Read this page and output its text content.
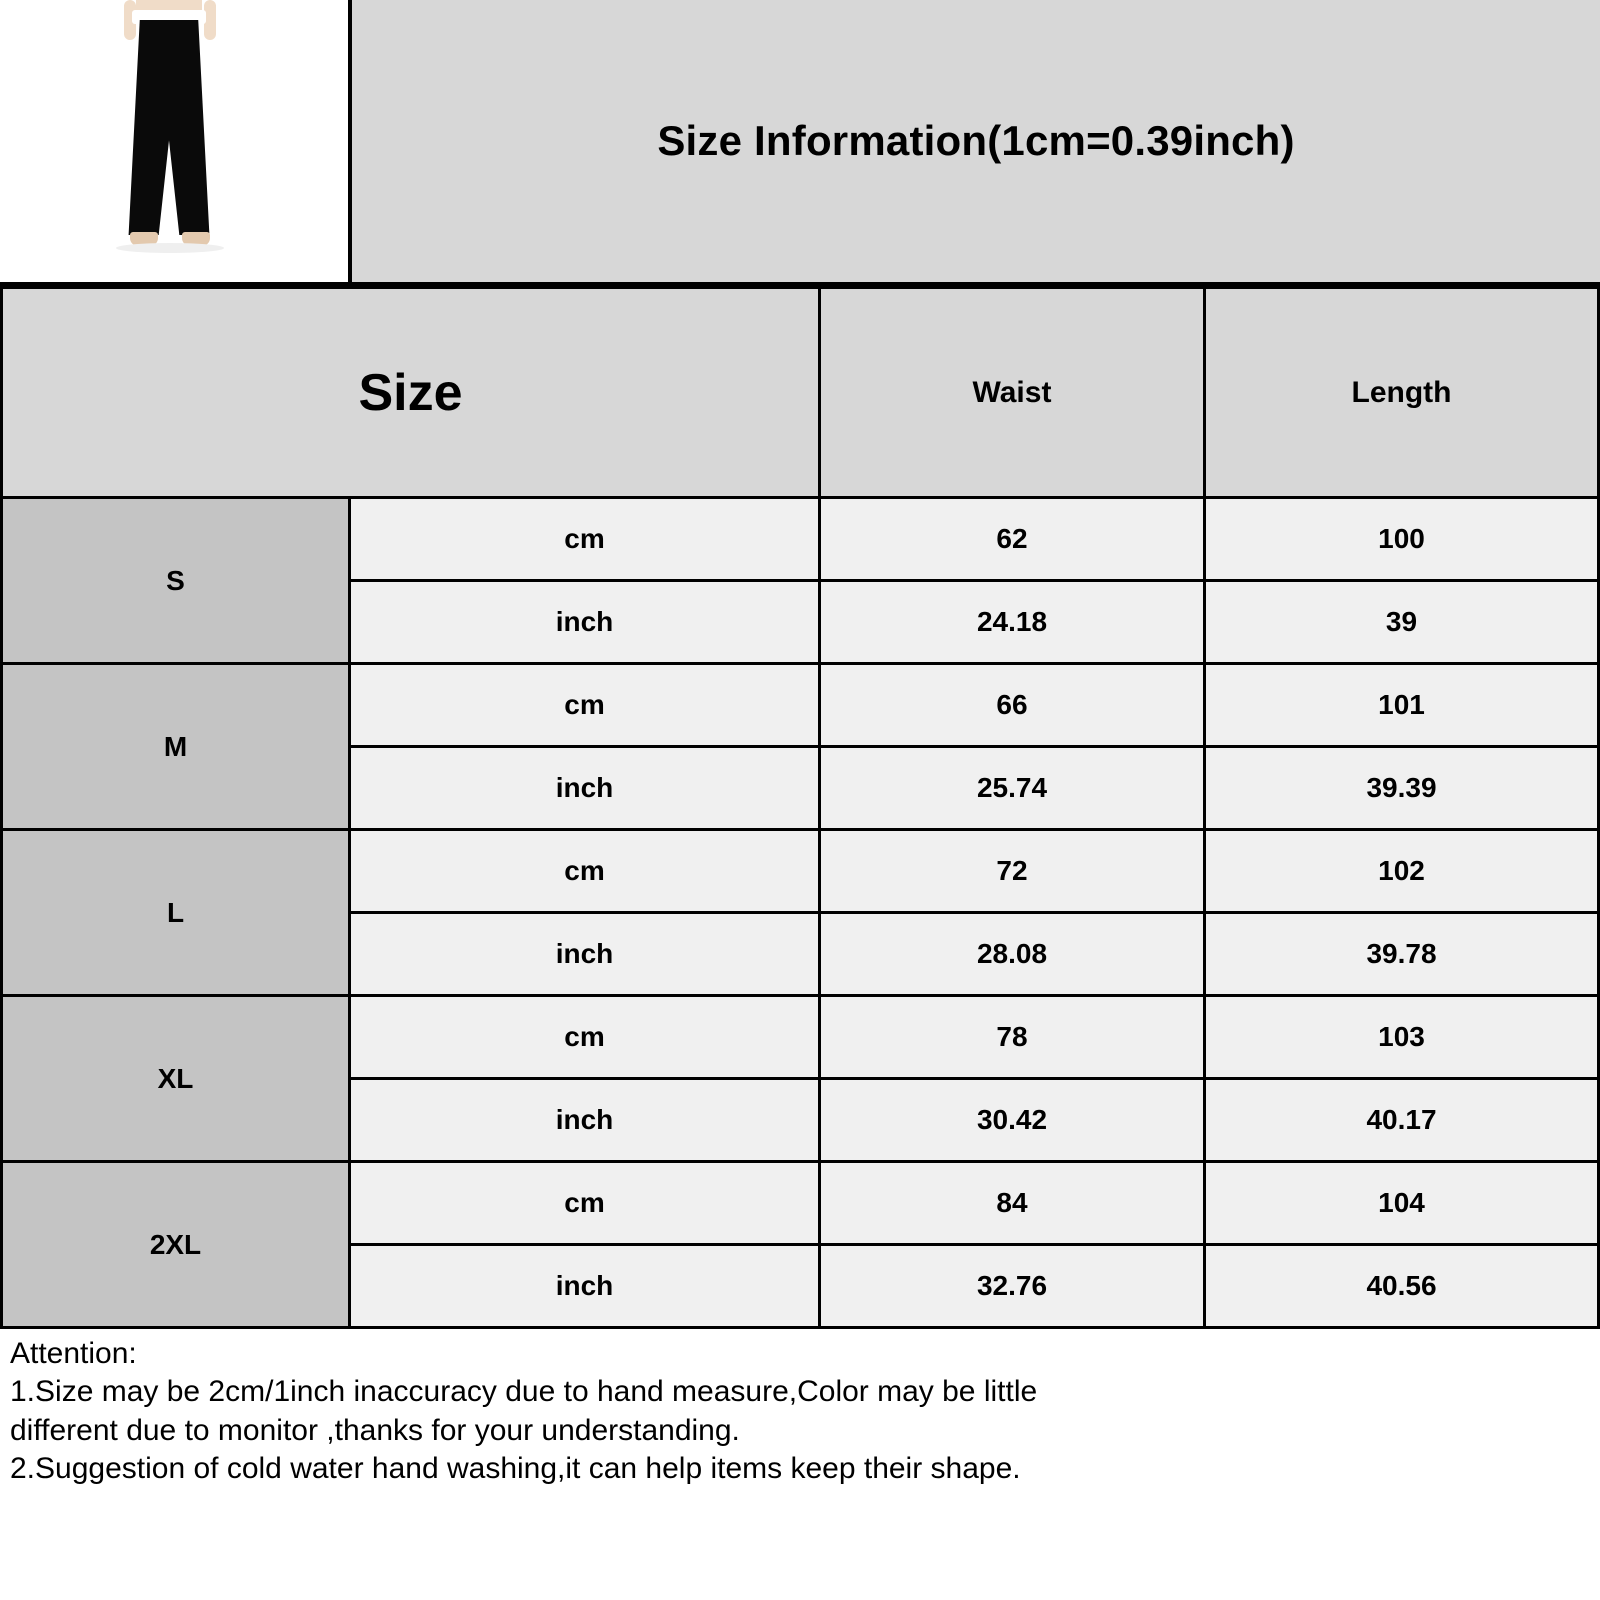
Size Information(1cm=0.39inch)
Size		Waist	Length
S	cm	62	100
	inch	24.18	39
M	cm	66	101
	inch	25.74	39.39
L	cm	72	102
	inch	28.08	39.78
XL	cm	78	103
	inch	30.42	40.17
2XL	cm	84	104
	inch	32.76	40.56
Attention:
1.Size may be 2cm/1inch inaccuracy due to hand measure,Color may be little
different due to monitor ,thanks for your understanding.
2.Suggestion of cold water hand washing,it can help items keep their shape.
